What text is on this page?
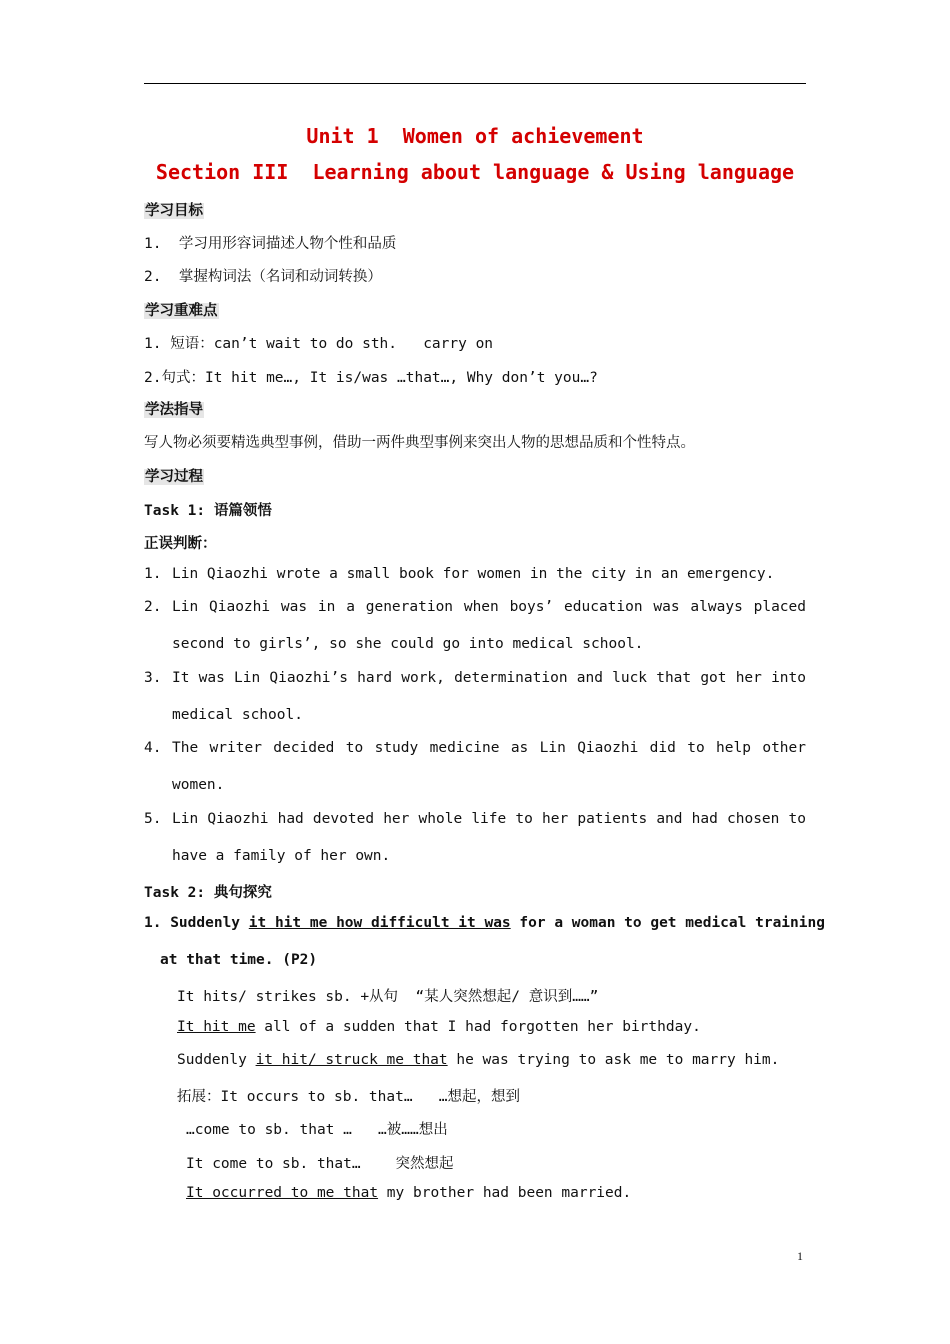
Unit 1  Women of achievement
Section III  Learning about language & Using language
学习目标
1.  学习用形容词描述人物个性和品质
2.  掌握构词法（名词和动词转换）
学习重难点
1. 短语：can’t wait to do sth.   carry on
2.句式：It hit me…, It is/was …that…, Why don’t you…?
学法指导
写人物必须要精选典型事例，借助一两件典型事例来突出人物的思想品质和个性特点。
学习过程
Task 1: 语篇领悟
正误判断：
1. Lin Qiaozhi wrote a small book for women in the city in an emergency.
2. Lin Qiaozhi was in a generation when boys’ education was always placed
second to girls’, so she could go into medical school.
3. It was Lin Qiaozhi’s hard work, determination and luck that got her into
medical school.
4. The writer decided to study medicine as Lin Qiaozhi did to help other
women.
5. Lin Qiaozhi had devoted her whole life to her patients and had chosen to
have a family of her own.
Task 2: 典句探究
1. Suddenly it hit me how difficult it was for a woman to get medical training
at that time. (P2)
It hits/ strikes sb. +从句  “某人突然想起/ 意识到……”
It hit me all of a sudden that I had forgotten her birthday.
Suddenly it hit/ struck me that he was trying to ask me to marry him.
拓展：It occurs to sb. that…   …想起，想到
…come to sb. that …   …被……想出
It come to sb. that…    突然想起
It occurred to me that my brother had been married.
1
